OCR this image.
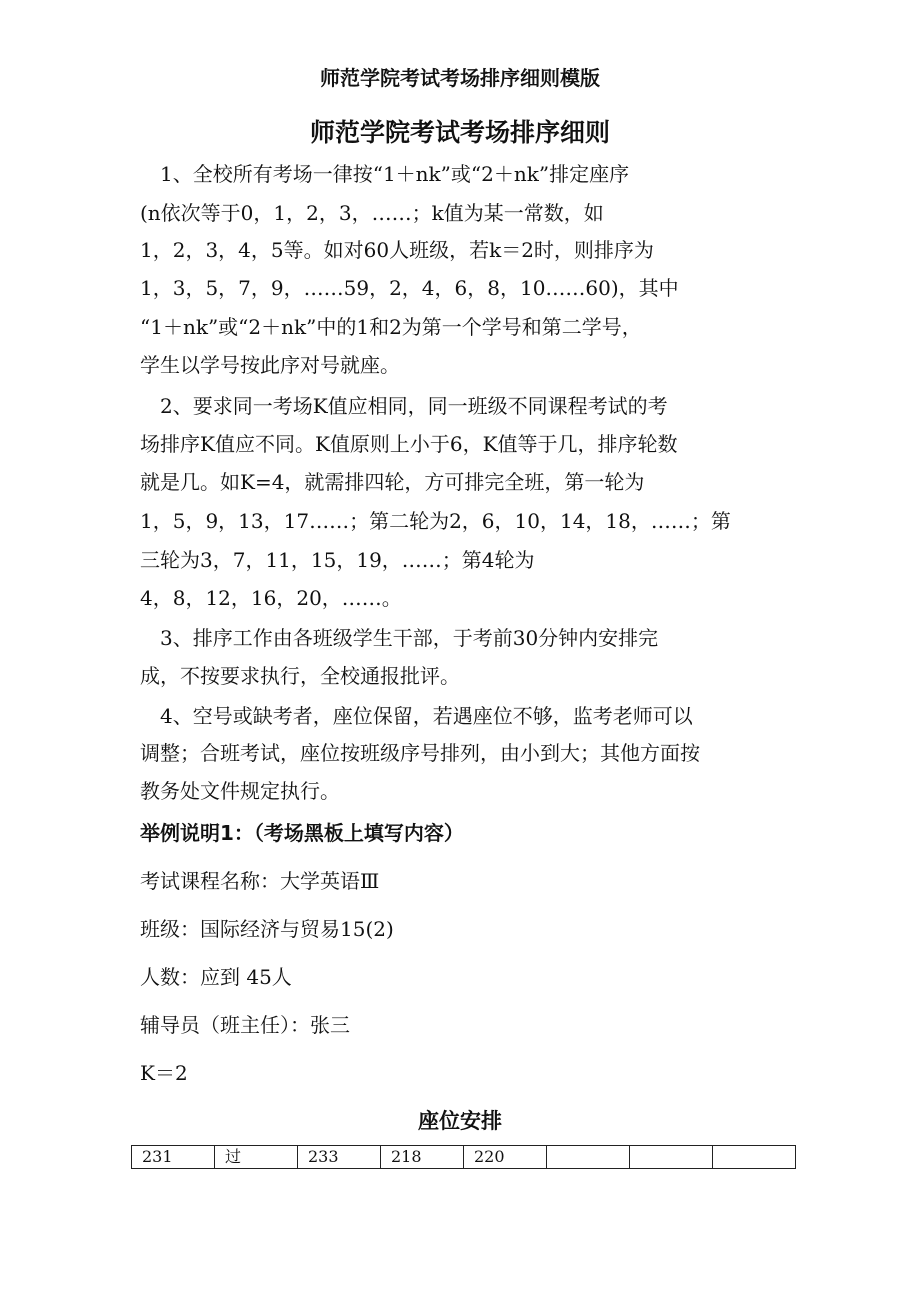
师范学院考试考场排序细则模版
师范学院考试考场排序细则
　1、全校所有考场一律按“1＋nk”或“2＋nk”排定座序
(n依次等于0，1，2，3，……；k值为某一常数，如
1，2，3，4，5等。如对60人班级，若k＝2时，则排序为
1，3，5，7，9，……59，2，4，6，8，10……60)，其中
“1＋nk”或“2＋nk”中的1和2为第一个学号和第二学号，
学生以学号按此序对号就座。
　2、要求同一考场K值应相同，同一班级不同课程考试的考
场排序K值应不同。K值原则上小于6，K值等于几，排序轮数
就是几。如K=4，就需排四轮，方可排完全班，第一轮为
1，5，9，13，17……；第二轮为2，6，10，14，18，……；第
三轮为3，7，11，15，19，……；第4轮为
4，8，12，16，20，……。
　3、排序工作由各班级学生干部，于考前30分钟内安排完
成，不按要求执行，全校通报批评。
　4、空号或缺考者，座位保留，若遇座位不够，监考老师可以
调整；合班考试，座位按班级序号排列，由小到大；其他方面按
教务处文件规定执行。
举例说明1：（考场黑板上填写内容）
考试课程名称：大学英语Ⅲ
班级：国际经济与贸易15(2)
人数：应到 45人
辅导员（班主任）：张三
K＝2
座位安排
231	过	233	218	220			
